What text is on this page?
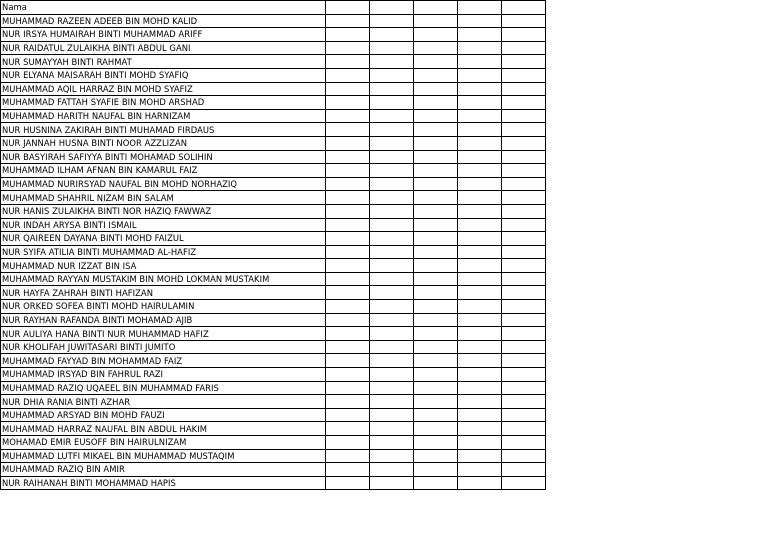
Nama					
MUHAMMAD RAZEEN ADEEB BIN MOHD KALID					
NUR IRSYA HUMAIRAH BINTI MUHAMMAD ARIFF					
NUR RAIDATUL ZULAIKHA BINTI ABDUL GANI					
NUR SUMAYYAH BINTI RAHMAT					
NUR ELYANA MAISARAH BINTI MOHD SYAFIQ					
MUHAMMAD AQIL HARRAZ BIN MOHD SYAFIZ					
MUHAMMAD FATTAH SYAFIE BIN MOHD ARSHAD					
MUHAMMAD HARITH NAUFAL BIN HARNIZAM					
NUR HUSNINA ZAKIRAH BINTI MUHAMAD FIRDAUS					
NUR JANNAH HUSNA BINTI NOOR AZZLIZAN					
NUR BASYIRAH SAFIYYA BINTI MOHAMAD SOLIHIN					
MUHAMMAD ILHAM AFNAN BIN KAMARUL FAIZ					
MUHAMMAD NURIRSYAD NAUFAL BIN MOHD NORHAZIQ					
MUHAMMAD SHAHRIL NIZAM BIN SALAM					
NUR HANIS ZULAIKHA BINTI NOR HAZIQ FAWWAZ					
NUR INDAH ARYSA BINTI ISMAIL					
NUR QAIREEN DAYANA BINTI MOHD FAIZUL					
NUR SYIFA ATILIA BINTI MUHAMMAD AL-HAFIZ					
MUHAMMAD NUR IZZAT BIN ISA					
MUHAMMAD RAYYAN MUSTAKIM BIN MOHD LOKMAN MUSTAKIM					
NUR HAYFA ZAHRAH BINTI HAFIZAN					
NUR ORKED SOFEA BINTI MOHD HAIRULAMIN					
NUR RAYHAN RAFANDA BINTI MOHAMAD AJIB					
NUR AULIYA HANA BINTI NUR MUHAMMAD HAFIZ					
NUR KHOLIFAH JUWITASARI BINTI JUMITO					
MUHAMMAD FAYYAD BIN MOHAMMAD FAIZ					
MUHAMMAD IRSYAD BIN FAHRUL RAZI					
MUHAMMAD RAZIQ UQAEEL BIN MUHAMMAD FARIS					
NUR DHIA RANIA BINTI AZHAR					
MUHAMMAD ARSYAD BIN MOHD FAUZI					
MUHAMMAD HARRAZ NAUFAL BIN ABDUL HAKIM					
MOHAMAD EMIR EUSOFF BIN HAIRULNIZAM					
MUHAMMAD LUTFI MIKAEL BIN MUHAMMAD MUSTAQIM					
MUHAMMAD RAZIQ BIN AMIR					
NUR RAIHANAH BINTI MOHAMMAD HAPIS					
